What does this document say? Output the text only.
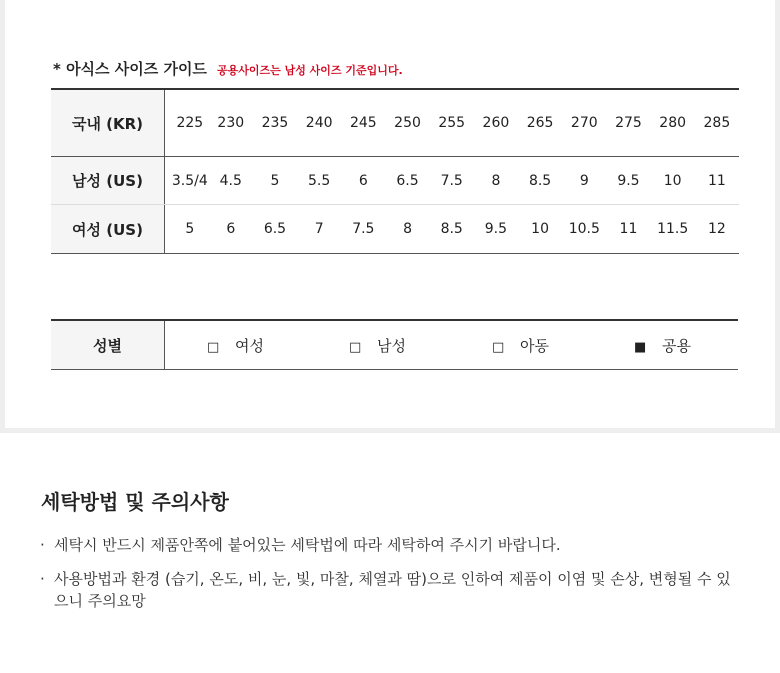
* 아식스 사이즈 가이드 공용사이즈는 남성 사이즈 기준입니다.
국내 (KR)	225	230	235	240	245	250	255	260	265	270	275	280	285
남성 (US)	3.5/4	4.5	5	5.5	6	6.5	7.5	8	8.5	9	9.5	10	11
여성 (US)	5	6	6.5	7	7.5	8	8.5	9.5	10	10.5	11	11.5	12
성별	□ 여성	□ 남성	□ 아동	■ 공용
세탁방법 및 주의사항
· 세탁시 반드시 제품안쪽에 붙어있는 세탁법에 따라 세탁하여 주시기 바랍니다.
· 사용방법과 환경 (습기, 온도, 비, 눈, 빛, 마찰, 체열과 땀)으로 인하여 제품이 이염 및 손상, 변형될 수 있으니 주의요망
